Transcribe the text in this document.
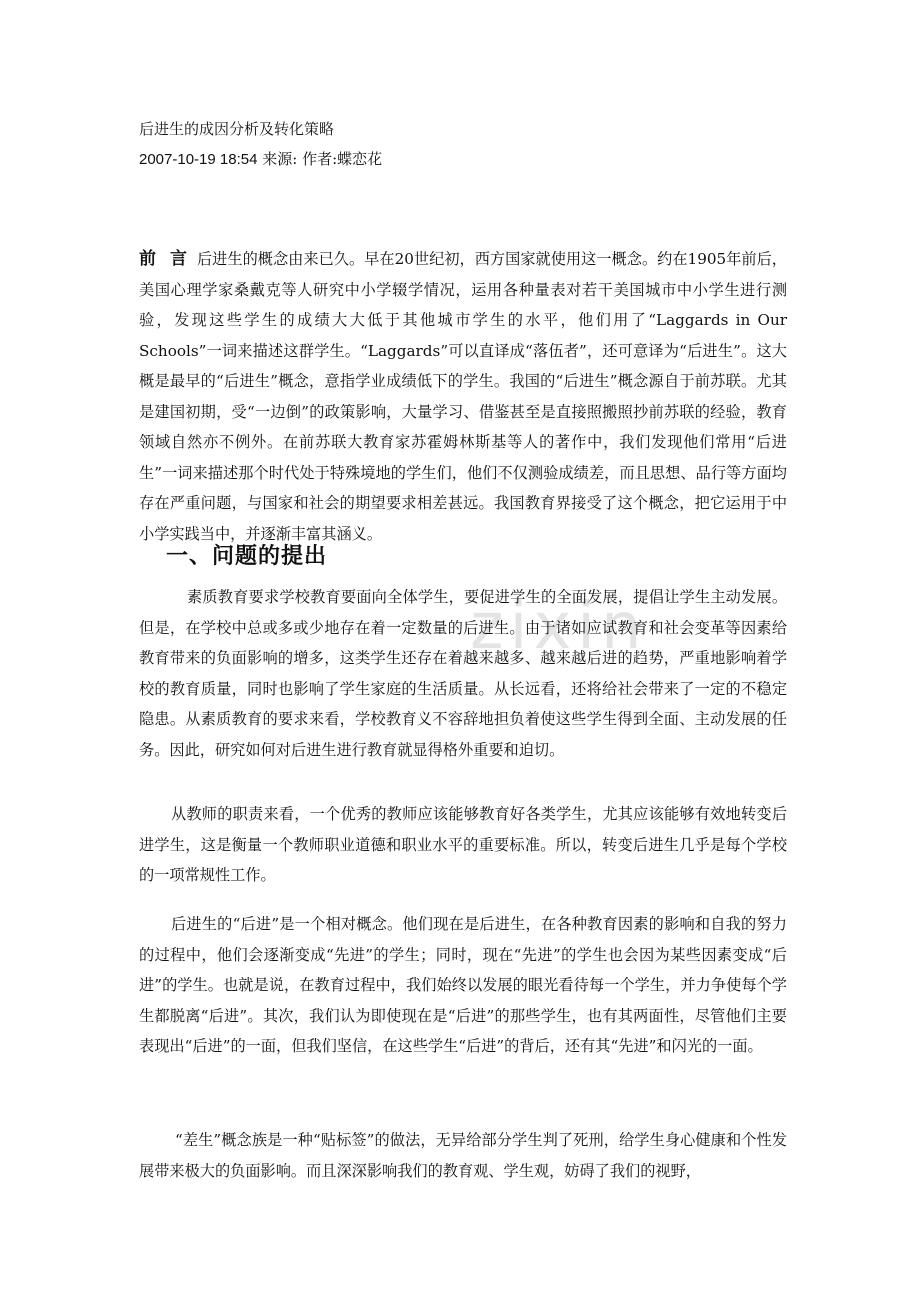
zixin
后进生的成因分析及转化策略
2007-10-19 18:54 来源: 作者:蝶恋花

前 言 后进生的概念由来已久。早在20世纪初，西方国家就使用这一概念。约在1905年前后，美国心理学家桑戴克等人研究中小学辍学情况，运用各种量表对若干美国城市中小学生进行测验，发现这些学生的成绩大大低于其他城市学生的水平，他们用了“Laggards in Our Schools”一词来描述这群学生。“Laggards”可以直译成“落伍者”，还可意译为“后进生”。这大概是最早的“后进生”概念，意指学业成绩低下的学生。我国的“后进生”概念源自于前苏联。尤其是建国初期，受“一边倒”的政策影响，大量学习、借鉴甚至是直接照搬照抄前苏联的经验，教育领域自然亦不例外。在前苏联大教育家苏霍姆林斯基等人的著作中，我们发现他们常用“后进生”一词来描述那个时代处于特殊境地的学生们，他们不仅测验成绩差，而且思想、品行等方面均存在严重问题，与国家和社会的期望要求相差甚远。我国教育界接受了这个概念，把它运用于中小学实践当中，并逐渐丰富其涵义。

一、问题的提出

素质教育要求学校教育要面向全体学生，要促进学生的全面发展，提倡让学生主动发展。但是，在学校中总或多或少地存在着一定数量的后进生。由于诸如应试教育和社会变革等因素给教育带来的负面影响的增多，这类学生还存在着越来越多、越来越后进的趋势，严重地影响着学校的教育质量，同时也影响了学生家庭的生活质量。从长远看，还将给社会带来了一定的不稳定隐患。从素质教育的要求来看，学校教育义不容辞地担负着使这些学生得到全面、主动发展的任务。因此，研究如何对后进生进行教育就显得格外重要和迫切。

从教师的职责来看，一个优秀的教师应该能够教育好各类学生，尤其应该能够有效地转变后进学生，这是衡量一个教师职业道德和职业水平的重要标准。所以，转变后进生几乎是每个学校的一项常规性工作。

后进生的“后进”是一个相对概念。他们现在是后进生，在各种教育因素的影响和自我的努力的过程中，他们会逐渐变成“先进”的学生；同时，现在“先进”的学生也会因为某些因素变成“后进”的学生。也就是说，在教育过程中，我们始终以发展的眼光看待每一个学生，并力争使每个学生都脱离“后进”。其次，我们认为即使现在是“后进”的那些学生，也有其两面性，尽管他们主要表现出“后进”的一面，但我们坚信，在这些学生“后进”的背后，还有其“先进”和闪光的一面。

“差生”概念族是一种“贴标签”的做法，无异给部分学生判了死刑，给学生身心健康和个性发展带来极大的负面影响。而且深深影响我们的教育观、学生观，妨碍了我们的视野，
